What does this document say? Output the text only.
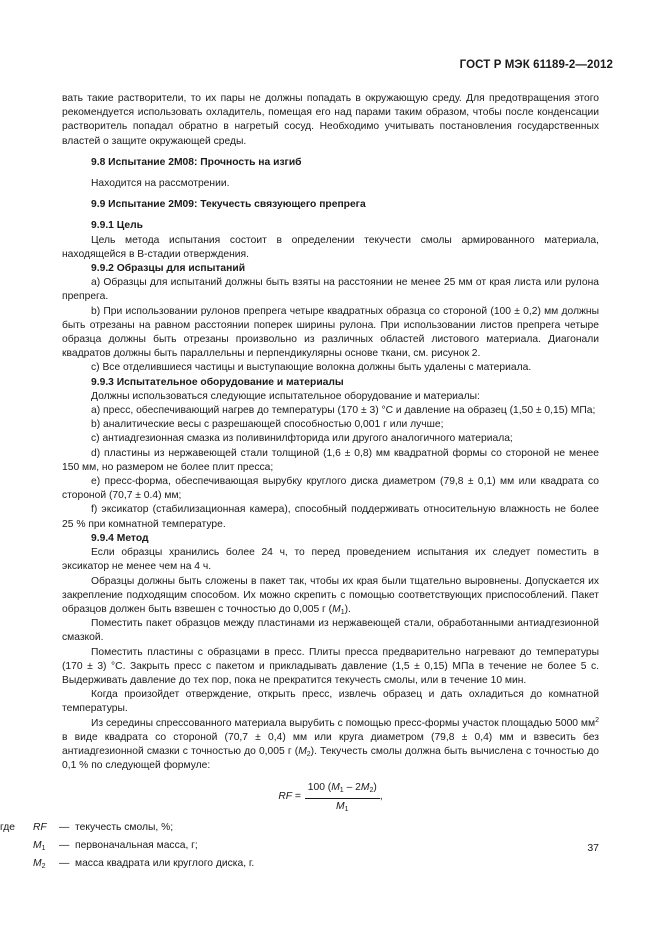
ГОСТ Р МЭК 61189-2—2012

вать такие растворители, то их пары не должны попадать в окружающую среду. Для предотвращения этого рекомендуется использовать охладитель, помещая его над парами таким образом, чтобы после конденсации растворитель попадал обратно в нагретый сосуд. Необходимо учитывать постановления государственных властей о защите окружающей среды.

9.8 Испытание 2М08: Прочность на изгиб

Находится на рассмотрении.

9.9 Испытание 2М09: Текучесть связующего препрега

9.9.1 Цель

Цель метода испытания состоит в определении текучести смолы армированного материала, находящейся в В-стадии отверждения.

9.9.2 Образцы для испытаний

а) Образцы для испытаний должны быть взяты на расстоянии не менее 25 мм от края листа или рулона препрега.

b) При использовании рулонов препрега четыре квадратных образца со стороной (100 ± 0,2) мм должны быть отрезаны на равном расстоянии поперек ширины рулона. При использовании листов препрега четыре образца должны быть отрезаны произвольно из различных областей листового материала. Диагонали квадратов должны быть параллельны и перпендикулярны основе ткани, см. рисунок 2.

с) Все отделившиеся частицы и выступающие волокна должны быть удалены с материала.

9.9.3 Испытательное оборудование и материалы

Должны использоваться следующие испытательное оборудование и материалы:

а) пресс, обеспечивающий нагрев до температуры (170 ± 3) °С и давление на образец (1,50 ± 0,15) МПа;

b) аналитические весы с разрешающей способностью 0,001 г или лучше;

с) антиадгезионная смазка из поливинилфторида или другого аналогичного материала;

d) пластины из нержавеющей стали толщиной (1,6 ± 0,8) мм квадратной формы со стороной не менее 150 мм, но размером не более плит пресса;

е) пресс-форма, обеспечивающая вырубку круглого диска диаметром (79,8 ± 0,1) мм или квадрата со стороной (70,7 ± 0.4) мм;

f) эксикатор (стабилизационная камера), способный поддерживать относительную влажность не более 25 % при комнатной температуре.

9.9.4 Метод

Если образцы хранились более 24 ч, то перед проведением испытания их следует поместить в эксикатор не менее чем на 4 ч.

Образцы должны быть сложены в пакет так, чтобы их края были тщательно выровнены. Допускается их закрепление подходящим способом. Их можно скрепить с помощью соответствующих приспособлений. Пакет образцов должен быть взвешен с точностью до 0,005 г $(M_1)$.

Поместить пакет образцов между пластинами из нержавеющей стали, обработанными антиадгезионной смазкой.

Поместить пластины с образцами в пресс. Плиты пресса предварительно нагревают до температуры (170 ± 3) °С. Закрыть пресс с пакетом и прикладывать давление (1,5 ± 0,15) МПа в течение не более 5 с. Выдерживать давление до тех пор, пока не прекратится текучесть смолы, или в течение 10 мин.

Когда произойдет отверждение, открыть пресс, извлечь образец и дать охладиться до комнатной температуры.

Из середины спрессованного материала вырубить с помощью пресс-формы участок площадью 5000 $мм^2$ в виде квадрата со стороной (70,7 ± 0,4) мм или круга диаметром (79,8 ± 0,4) мм и взвесить без антиадгезионной смазки с точностью до 0,005 г $(M_2)$. Текучесть смолы должна быть вычислена с точностью до 0,1 % по следующей формуле:

RF = $\frac{100 (M_1 - 2M_2)}{M_1}$ ,
где	RF	— текучесть смолы, %;
$M_1$	— первоначальная масса, г;
$M_2$	— масса квадрата или круглого диска, г.
37
